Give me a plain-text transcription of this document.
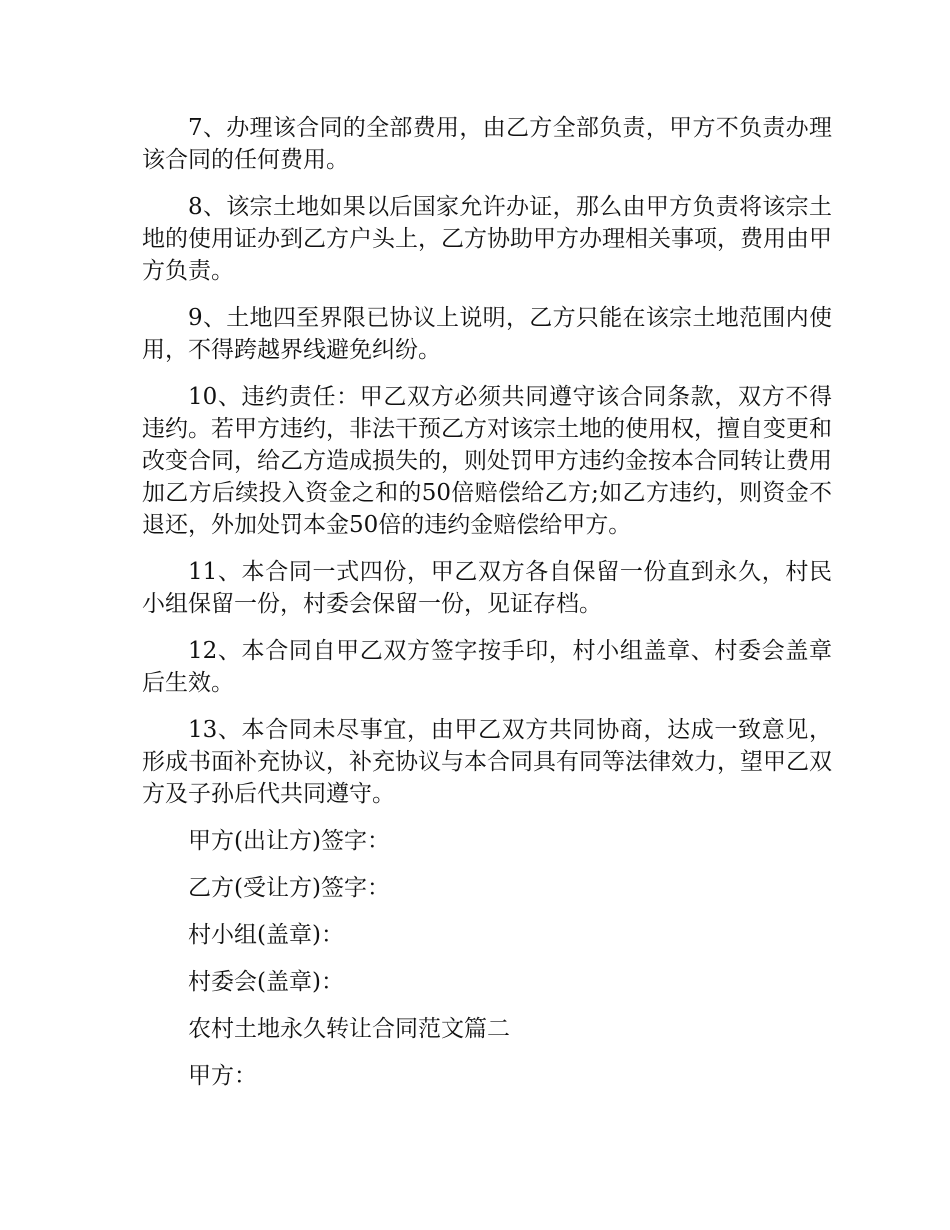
7、办理该合同的全部费用，由乙方全部负责，甲方不负责办理该合同的任何费用。

8、该宗土地如果以后国家允许办证，那么由甲方负责将该宗土地的使用证办到乙方户头上，乙方协助甲方办理相关事项，费用由甲方负责。

9、土地四至界限已协议上说明，乙方只能在该宗土地范围内使用，不得跨越界线避免纠纷。

10、违约责任：甲乙双方必须共同遵守该合同条款，双方不得违约。若甲方违约，非法干预乙方对该宗土地的使用权，擅自变更和改变合同，给乙方造成损失的，则处罚甲方违约金按本合同转让费用加乙方后续投入资金之和的50倍赔偿给乙方;如乙方违约，则资金不退还，外加处罚本金50倍的违约金赔偿给甲方。

11、本合同一式四份，甲乙双方各自保留一份直到永久，村民小组保留一份，村委会保留一份，见证存档。

12、本合同自甲乙双方签字按手印，村小组盖章、村委会盖章后生效。

13、本合同未尽事宜，由甲乙双方共同协商，达成一致意见，形成书面补充协议，补充协议与本合同具有同等法律效力，望甲乙双方及子孙后代共同遵守。

甲方(出让方)签字：

乙方(受让方)签字：

村小组(盖章)：

村委会(盖章)：

农村土地永久转让合同范文篇二

甲方：
